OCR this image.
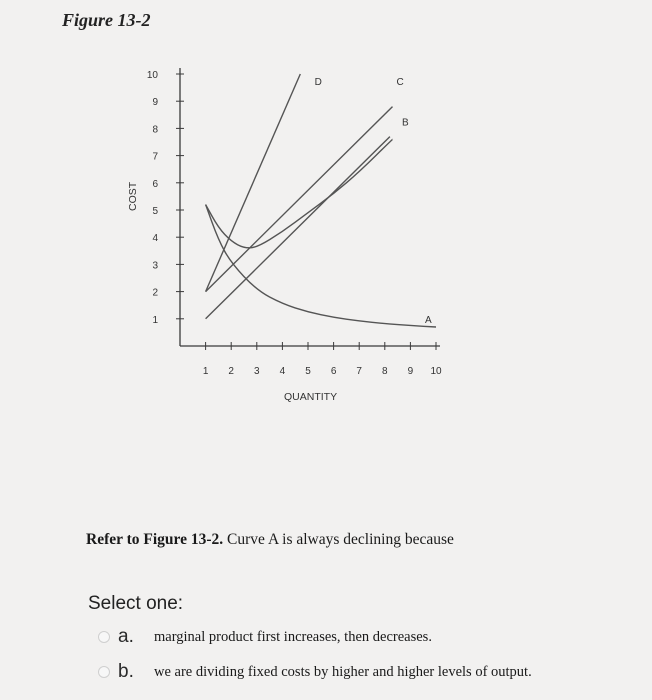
Figure 13-2
1
2
3
4
5
6
7
8
9
10
1 2 3 4 5 6 7 8 9 10
QUANTITY
COST
D	C
B
A
Refer to Figure 13-2. Curve A is always declining because
Select one:
a.	marginal product first increases, then decreases.
b.	we are dividing fixed costs by higher and higher levels of output.
